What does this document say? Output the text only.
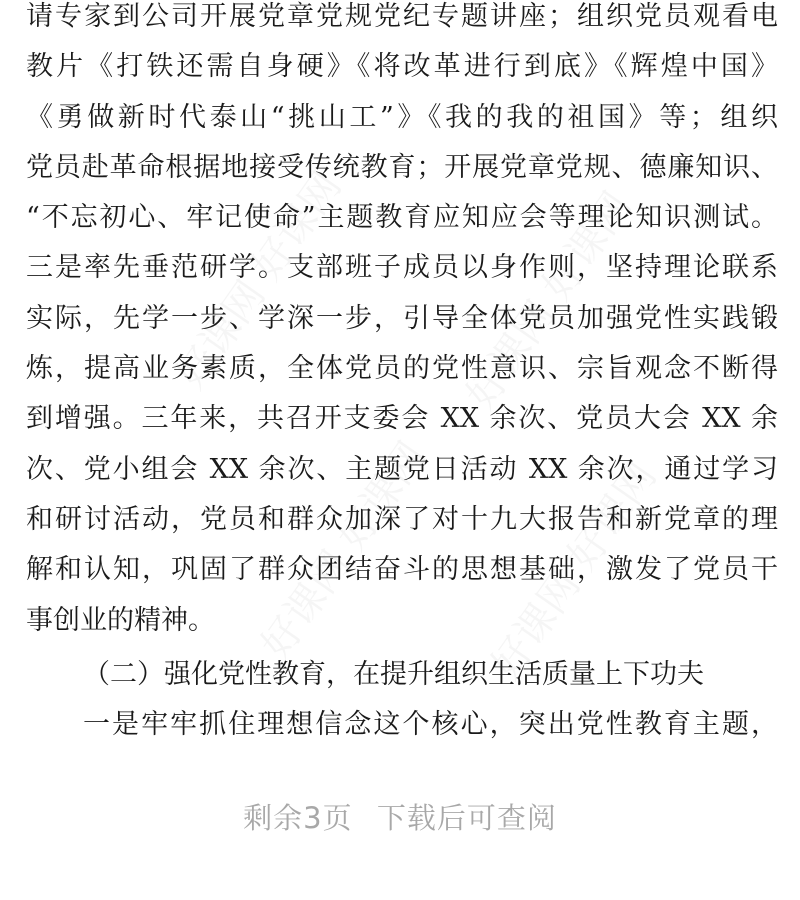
好课网 好课网	好课网 好课网
好课网 好课网 好课网 好课网
请专家到公司开展党章党规党纪专题讲座；组织党员观看电
教片《打铁还需自身硬》《将改革进行到底》《辉煌中国》
《勇做新时代泰山“挑山工”》《我的我的祖国》等；组织
党员赴革命根据地接受传统教育；开展党章党规、德廉知识、
“不忘初心、牢记使命”主题教育应知应会等理论知识测试。
三是率先垂范研学。支部班子成员以身作则，坚持理论联系
实际，先学一步、学深一步，引导全体党员加强党性实践锻
炼，提高业务素质，全体党员的党性意识、宗旨观念不断得
到增强。三年来，共召开支委会 XX 余次、党员大会 XX 余
次、党小组会 XX 余次、主题党日活动 XX 余次，通过学习
和研讨活动，党员和群众加深了对十九大报告和新党章的理
解和认知，巩固了群众团结奋斗的思想基础，激发了党员干
事创业的精神。
（二）强化党性教育，在提升组织生活质量上下功夫
一是牢牢抓住理想信念这个核心，突出党性教育主题，
剩余3页 下载后可查阅
